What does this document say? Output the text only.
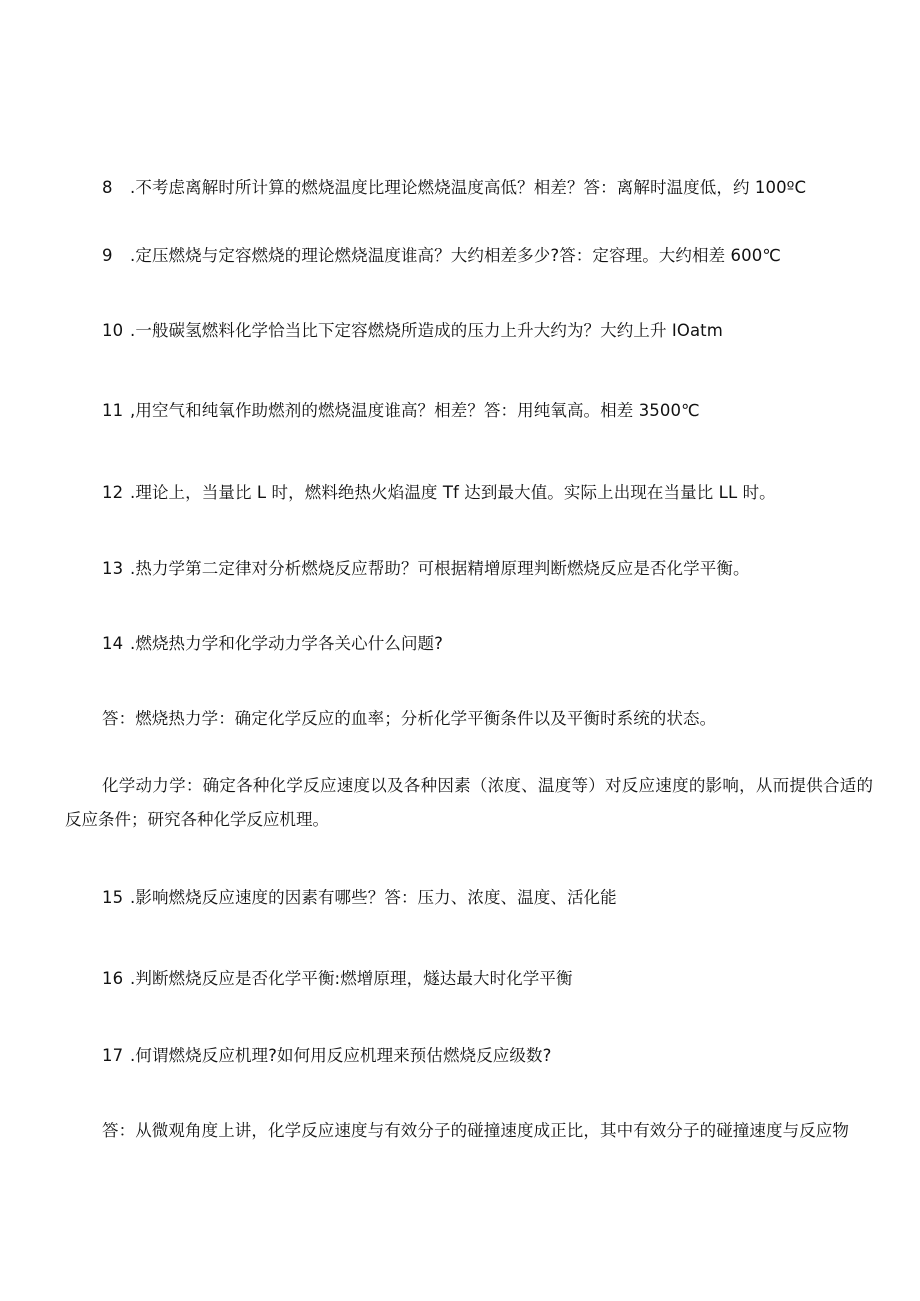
8 .不考虑离解时所计算的燃烧温度比理论燃烧温度高低？相差？答：离解时温度低，约 100ºC
9 .定压燃烧与定容燃烧的理论燃烧温度谁高？大约相差多少?答：定容理。大约相差 600℃
10 .一般碳氢燃料化学恰当比下定容燃烧所造成的压力上升大约为？大约上升 IOatm
11 ,用空气和纯氧作助燃剂的燃烧温度谁高？相差？答：用纯氧高。相差 3500℃
12 .理论上，当量比 L 时，燃料绝热火焰温度 Tf 达到最大值。实际上出现在当量比 LL 时。
13 .热力学第二定律对分析燃烧反应帮助？可根据精增原理判断燃烧反应是否化学平衡。
14 .燃烧热力学和化学动力学各关心什么问题?
答：燃烧热力学：确定化学反应的血率；分析化学平衡条件以及平衡时系统的状态。
化学动力学：确定各种化学反应速度以及各种因素（浓度、温度等）对反应速度的影响，从而提供合适的反应条件；研究各种化学反应机理。
15 .影响燃烧反应速度的因素有哪些？答：压力、浓度、温度、活化能
16 .判断燃烧反应是否化学平衡:燃增原理，燧达最大时化学平衡
17 .何谓燃烧反应机理?如何用反应机理来预估燃烧反应级数?
答：从微观角度上讲，化学反应速度与有效分子的碰撞速度成正比，其中有效分子的碰撞速度与反应物
